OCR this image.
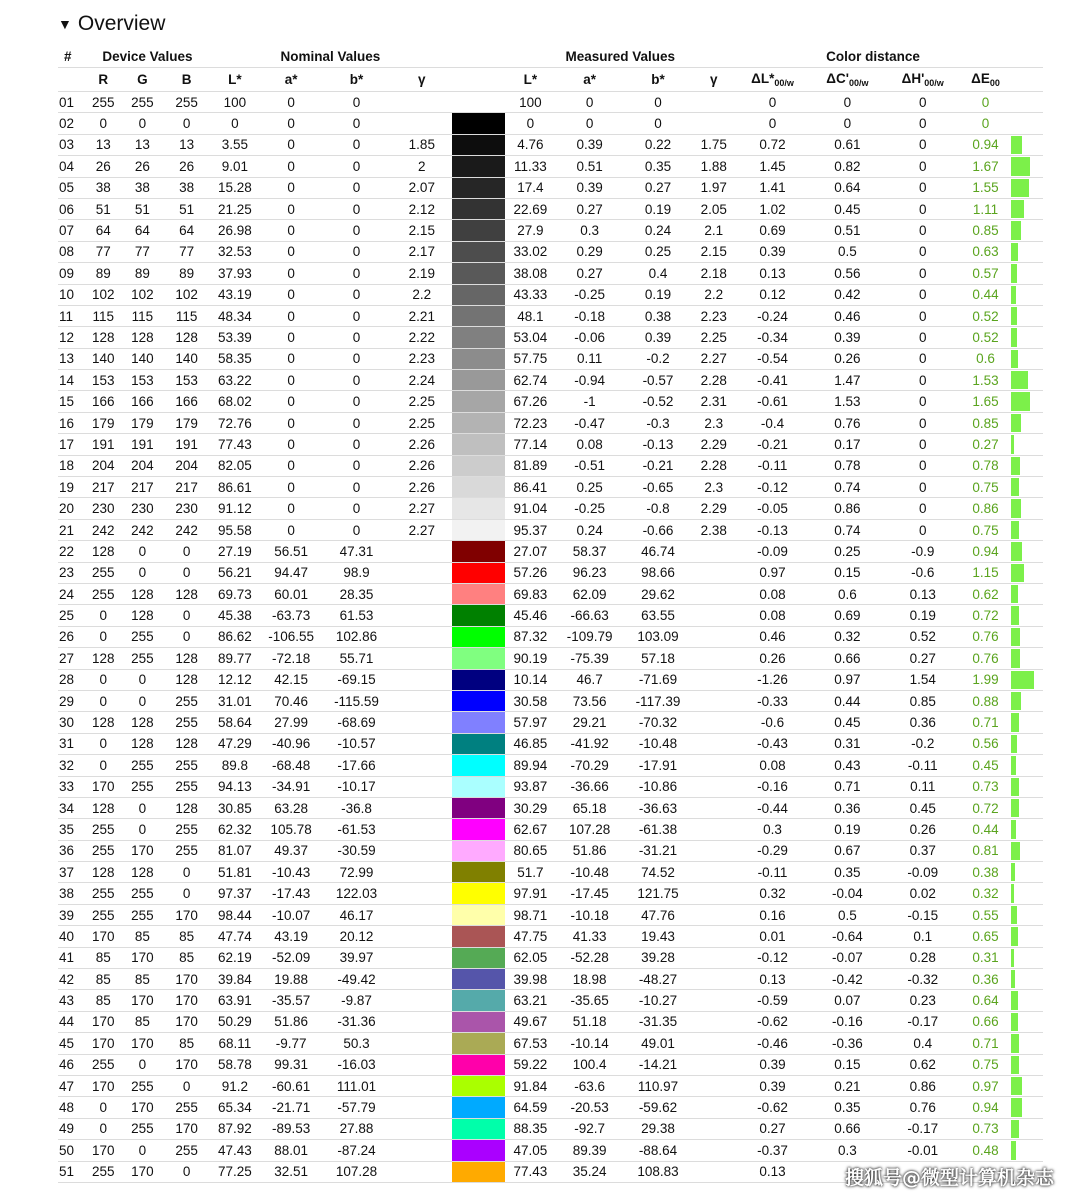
▼ Overview
#	Device Values			Nominal Values					Measured Values				Color distance				
	R	G	B	L*	a*	b*	γ		L*	a*	b*	γ	$\Delta L*_{00/w}$	$\Delta C'_{00/w}$	$\Delta H'_{00/w}$	$\Delta E_{00}$	
01	255	255	255	100	0	0			100	0	0		0	0	0	0	
02	0	0	0	0	0	0			0	0	0		0	0	0	0	
03	13	13	13	3.55	0	0	1.85		4.76	0.39	0.22	1.75	0.72	0.61	0	0.94	

04	26	26	26	9.01	0	0	2		11.33	0.51	0.35	1.88	1.45	0.82	0	1.67	

05	38	38	38	15.28	0	0	2.07		17.4	0.39	0.27	1.97	1.41	0.64	0	1.55	

06	51	51	51	21.25	0	0	2.12		22.69	0.27	0.19	2.05	1.02	0.45	0	1.11	

07	64	64	64	26.98	0	0	2.15		27.9	0.3	0.24	2.1	0.69	0.51	0	0.85	

08	77	77	77	32.53	0	0	2.17		33.02	0.29	0.25	2.15	0.39	0.5	0	0.63	

09	89	89	89	37.93	0	0	2.19		38.08	0.27	0.4	2.18	0.13	0.56	0	0.57	

10	102	102	102	43.19	0	0	2.2		43.33	-0.25	0.19	2.2	0.12	0.42	0	0.44	

11	115	115	115	48.34	0	0	2.21		48.1	-0.18	0.38	2.23	-0.24	0.46	0	0.52	

12	128	128	128	53.39	0	0	2.22		53.04	-0.06	0.39	2.25	-0.34	0.39	0	0.52	

13	140	140	140	58.35	0	0	2.23		57.75	0.11	-0.2	2.27	-0.54	0.26	0	0.6	

14	153	153	153	63.22	0	0	2.24		62.74	-0.94	-0.57	2.28	-0.41	1.47	0	1.53	

15	166	166	166	68.02	0	0	2.25		67.26	-1	-0.52	2.31	-0.61	1.53	0	1.65	

16	179	179	179	72.76	0	0	2.25		72.23	-0.47	-0.3	2.3	-0.4	0.76	0	0.85	

17	191	191	191	77.43	0	0	2.26		77.14	0.08	-0.13	2.29	-0.21	0.17	0	0.27	

18	204	204	204	82.05	0	0	2.26		81.89	-0.51	-0.21	2.28	-0.11	0.78	0	0.78	

19	217	217	217	86.61	0	0	2.26		86.41	0.25	-0.65	2.3	-0.12	0.74	0	0.75	

20	230	230	230	91.12	0	0	2.27		91.04	-0.25	-0.8	2.29	-0.05	0.86	0	0.86	

21	242	242	242	95.58	0	0	2.27		95.37	0.24	-0.66	2.38	-0.13	0.74	0	0.75	

22	128	0	0	27.19	56.51	47.31			27.07	58.37	46.74		-0.09	0.25	-0.9	0.94	

23	255	0	0	56.21	94.47	98.9			57.26	96.23	98.66		0.97	0.15	-0.6	1.15	

24	255	128	128	69.73	60.01	28.35			69.83	62.09	29.62		0.08	0.6	0.13	0.62	

25	0	128	0	45.38	-63.73	61.53			45.46	-66.63	63.55		0.08	0.69	0.19	0.72	

26	0	255	0	86.62	-106.55	102.86			87.32	-109.79	103.09		0.46	0.32	0.52	0.76	

27	128	255	128	89.77	-72.18	55.71			90.19	-75.39	57.18		0.26	0.66	0.27	0.76	

28	0	0	128	12.12	42.15	-69.15			10.14	46.7	-71.69		-1.26	0.97	1.54	1.99	

29	0	0	255	31.01	70.46	-115.59			30.58	73.56	-117.39		-0.33	0.44	0.85	0.88	

30	128	128	255	58.64	27.99	-68.69			57.97	29.21	-70.32		-0.6	0.45	0.36	0.71	

31	0	128	128	47.29	-40.96	-10.57			46.85	-41.92	-10.48		-0.43	0.31	-0.2	0.56	

32	0	255	255	89.8	-68.48	-17.66			89.94	-70.29	-17.91		0.08	0.43	-0.11	0.45	

33	170	255	255	94.13	-34.91	-10.17			93.87	-36.66	-10.86		-0.16	0.71	0.11	0.73	

34	128	0	128	30.85	63.28	-36.8			30.29	65.18	-36.63		-0.44	0.36	0.45	0.72	

35	255	0	255	62.32	105.78	-61.53			62.67	107.28	-61.38		0.3	0.19	0.26	0.44	

36	255	170	255	81.07	49.37	-30.59			80.65	51.86	-31.21		-0.29	0.67	0.37	0.81	

37	128	128	0	51.81	-10.43	72.99			51.7	-10.48	74.52		-0.11	0.35	-0.09	0.38	

38	255	255	0	97.37	-17.43	122.03			97.91	-17.45	121.75		0.32	-0.04	0.02	0.32	

39	255	255	170	98.44	-10.07	46.17			98.71	-10.18	47.76		0.16	0.5	-0.15	0.55	

40	170	85	85	47.74	43.19	20.12			47.75	41.33	19.43		0.01	-0.64	0.1	0.65	

41	85	170	85	62.19	-52.09	39.97			62.05	-52.28	39.28		-0.12	-0.07	0.28	0.31	

42	85	85	170	39.84	19.88	-49.42			39.98	18.98	-48.27		0.13	-0.42	-0.32	0.36	

43	85	170	170	63.91	-35.57	-9.87			63.21	-35.65	-10.27		-0.59	0.07	0.23	0.64	

44	170	85	170	50.29	51.86	-31.36			49.67	51.18	-31.35		-0.62	-0.16	-0.17	0.66	

45	170	170	85	68.11	-9.77	50.3			67.53	-10.14	49.01		-0.46	-0.36	0.4	0.71	

46	255	0	170	58.78	99.31	-16.03			59.22	100.4	-14.21		0.39	0.15	0.62	0.75	

47	170	255	0	91.2	-60.61	111.01			91.84	-63.6	110.97		0.39	0.21	0.86	0.97	

48	0	170	255	65.34	-21.71	-57.79			64.59	-20.53	-59.62		-0.62	0.35	0.76	0.94	

49	0	255	170	87.92	-89.53	27.88			88.35	-92.7	29.38		0.27	0.66	-0.17	0.73	

50	170	0	255	47.43	88.01	-87.24			47.05	89.39	-88.64		-0.37	0.3	-0.01	0.48	

51	255	170	0	77.25	32.51	107.28			77.43	35.24	108.83		0.13					搜狐号@微型计算机杂志
